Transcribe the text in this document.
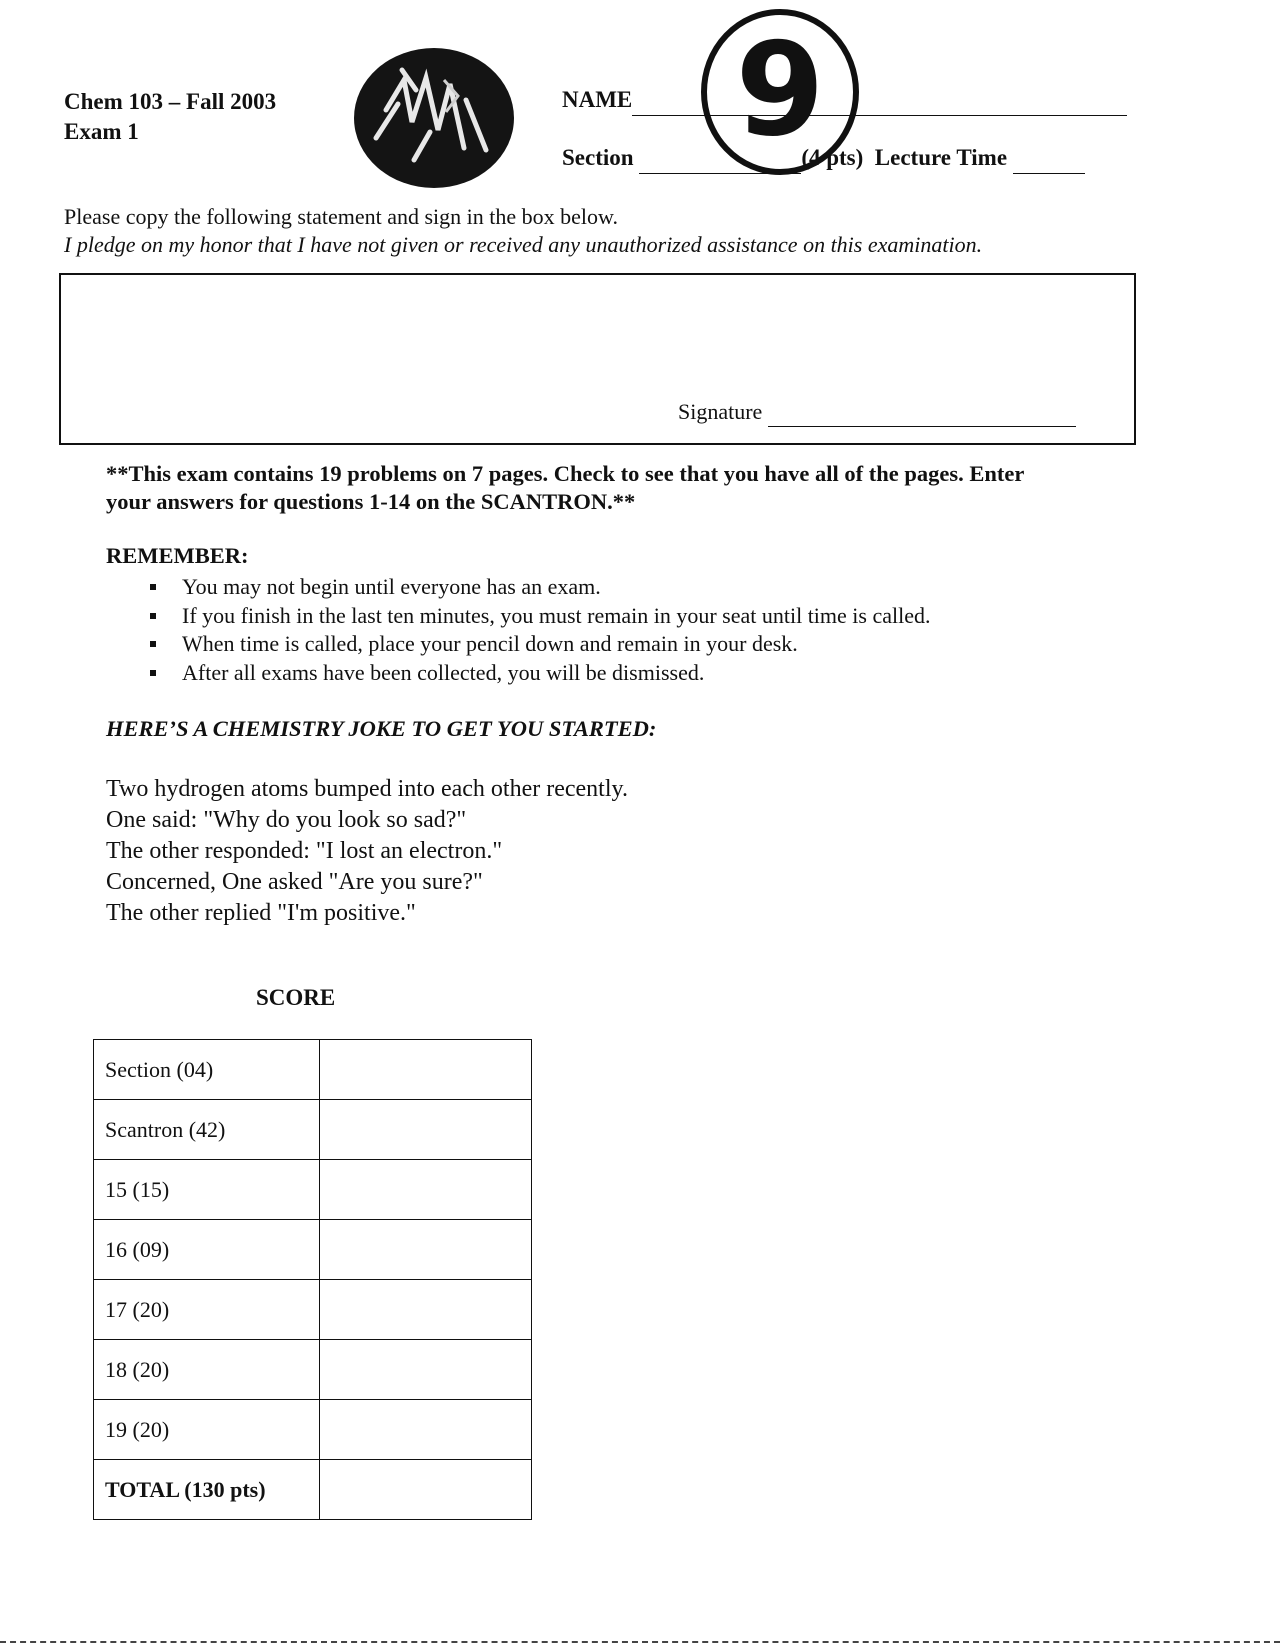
Chem 103 – Fall 2003
Exam 1
NAME
Section	(4 pts) Lecture Time
9
Please copy the following statement and sign in the box below.
I pledge on my honor that I have not given or received any unauthorized assistance on this examination.
Signature
**This exam contains 19 problems on 7 pages. Check to see that you have all of the pages. Enter
your answers for questions 1-14 on the SCANTRON.**
REMEMBER:
You may not begin until everyone has an exam.
If you finish in the last ten minutes, you must remain in your seat until time is called.
When time is called, place your pencil down and remain in your desk.
After all exams have been collected, you will be dismissed.
HERE’S A CHEMISTRY JOKE TO GET YOU STARTED:
Two hydrogen atoms bumped into each other recently.
One said: "Why do you look so sad?"
The other responded: "I lost an electron."
Concerned, One asked "Are you sure?"
The other replied "I'm positive."
SCORE
Section (04)	
Scantron (42)	
15 (15)	
16 (09)	
17 (20)	
18 (20)	
19 (20)	
TOTAL (130 pts)	
